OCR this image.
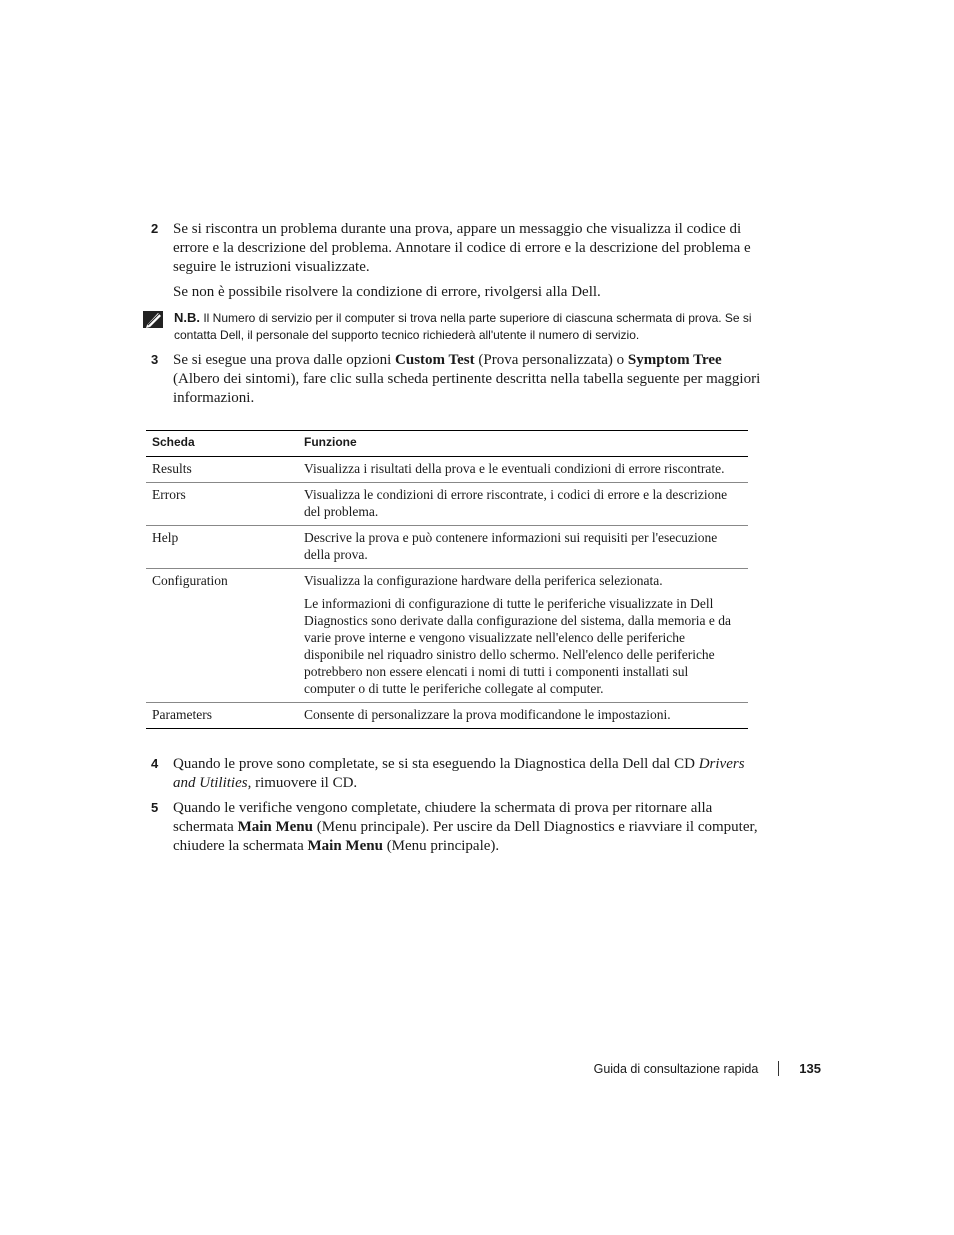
2 Se si riscontra un problema durante una prova, appare un messaggio che visualizza il codice di errore e la descrizione del problema. Annotare il codice di errore e la descrizione del problema e seguire le istruzioni visualizzate.
Se non è possibile risolvere la condizione di errore, rivolgersi alla Dell.
N.B. Il Numero di servizio per il computer si trova nella parte superiore di ciascuna schermata di prova. Se si contatta Dell, il personale del supporto tecnico richiederà all'utente il numero di servizio.
3 Se si esegue una prova dalle opzioni Custom Test (Prova personalizzata) o Symptom Tree (Albero dei sintomi), fare clic sulla scheda pertinente descritta nella tabella seguente per maggiori informazioni.
Scheda	Funzione
Results	Visualizza i risultati della prova e le eventuali condizioni di errore riscontrate.

Errors	Visualizza le condizioni di errore riscontrate, i codici di errore e la descrizione del problema.

Help	Descrive la prova e può contenere informazioni sui requisiti per l'esecuzione della prova.

Configuration	Visualizza la configurazione hardware della periferica selezionata.

Le informazioni di configurazione di tutte le periferiche visualizzate in Dell Diagnostics sono derivate dalla configurazione del sistema, dalla memoria e da varie prove interne e vengono visualizzate nell'elenco delle periferiche disponibile nel riquadro sinistro dello schermo. Nell'elenco delle periferiche potrebbero non essere elencati i nomi di tutti i componenti installati sul computer o di tutte le periferiche collegate al computer.

Parameters	Consente di personalizzare la prova modificandone le impostazioni.

4 Quando le prove sono completate, se si sta eseguendo la Diagnostica della Dell dal CD Drivers and Utilities, rimuovere il CD.
5 Quando le verifiche vengono completate, chiudere la schermata di prova per ritornare alla schermata Main Menu (Menu principale). Per uscire da Dell Diagnostics e riavviare il computer, chiudere la schermata Main Menu (Menu principale).
Guida di consultazione rapida	135
